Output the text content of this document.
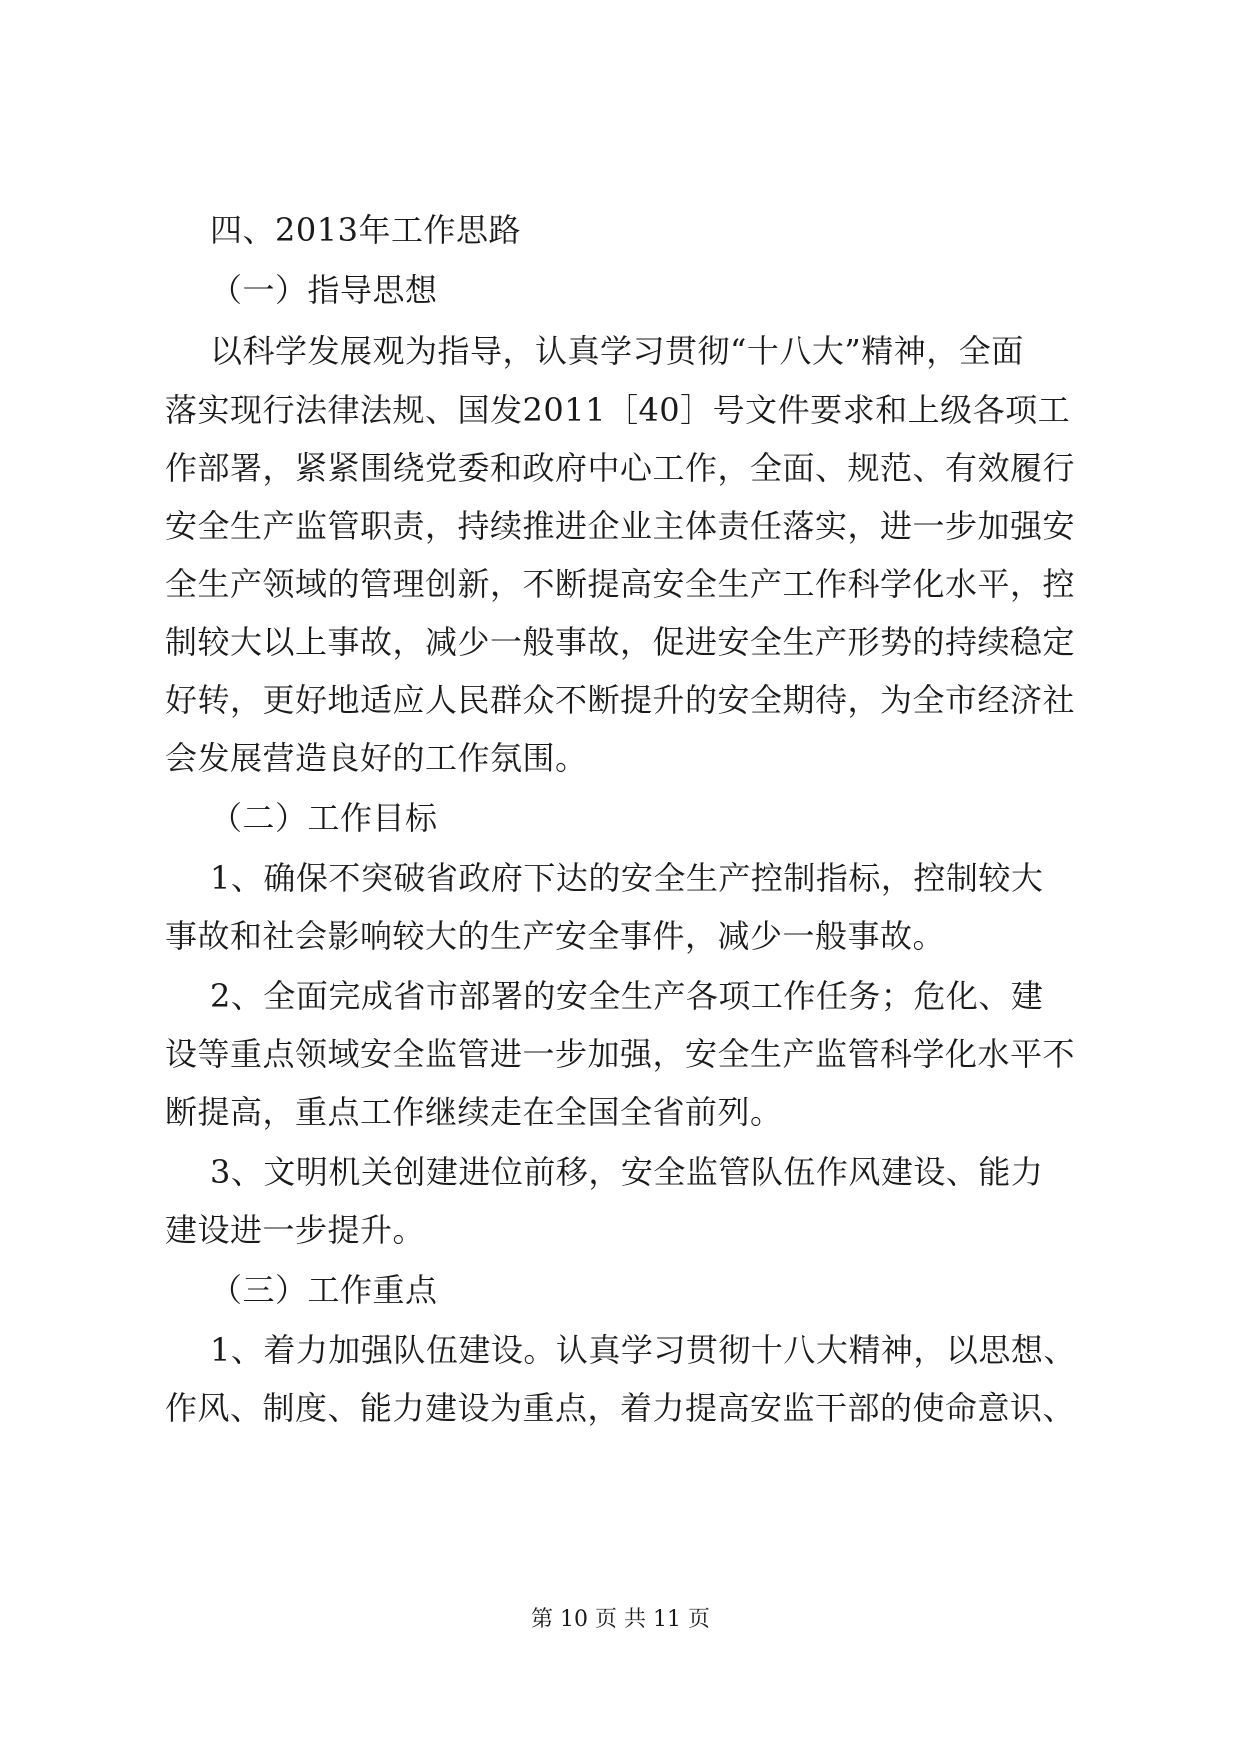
四、2013年工作思路
（一）指导思想
以科学发展观为指导，认真学习贯彻“十八大”精神，全面
落实现行法律法规、国发2011［40］号文件要求和上级各项工
作部署，紧紧围绕党委和政府中心工作，全面、规范、有效履行
安全生产监管职责，持续推进企业主体责任落实，进一步加强安
全生产领域的管理创新，不断提高安全生产工作科学化水平，控
制较大以上事故，减少一般事故，促进安全生产形势的持续稳定
好转，更好地适应人民群众不断提升的安全期待，为全市经济社
会发展营造良好的工作氛围。
（二）工作目标
1、确保不突破省政府下达的安全生产控制指标，控制较大
事故和社会影响较大的生产安全事件，减少一般事故。
2、全面完成省市部署的安全生产各项工作任务；危化、建
设等重点领域安全监管进一步加强，安全生产监管科学化水平不
断提高，重点工作继续走在全国全省前列。
3、文明机关创建进位前移，安全监管队伍作风建设、能力
建设进一步提升。
（三）工作重点
1、着力加强队伍建设。认真学习贯彻十八大精神，以思想、
作风、制度、能力建设为重点，着力提高安监干部的使命意识、
第 10 页 共 11 页
